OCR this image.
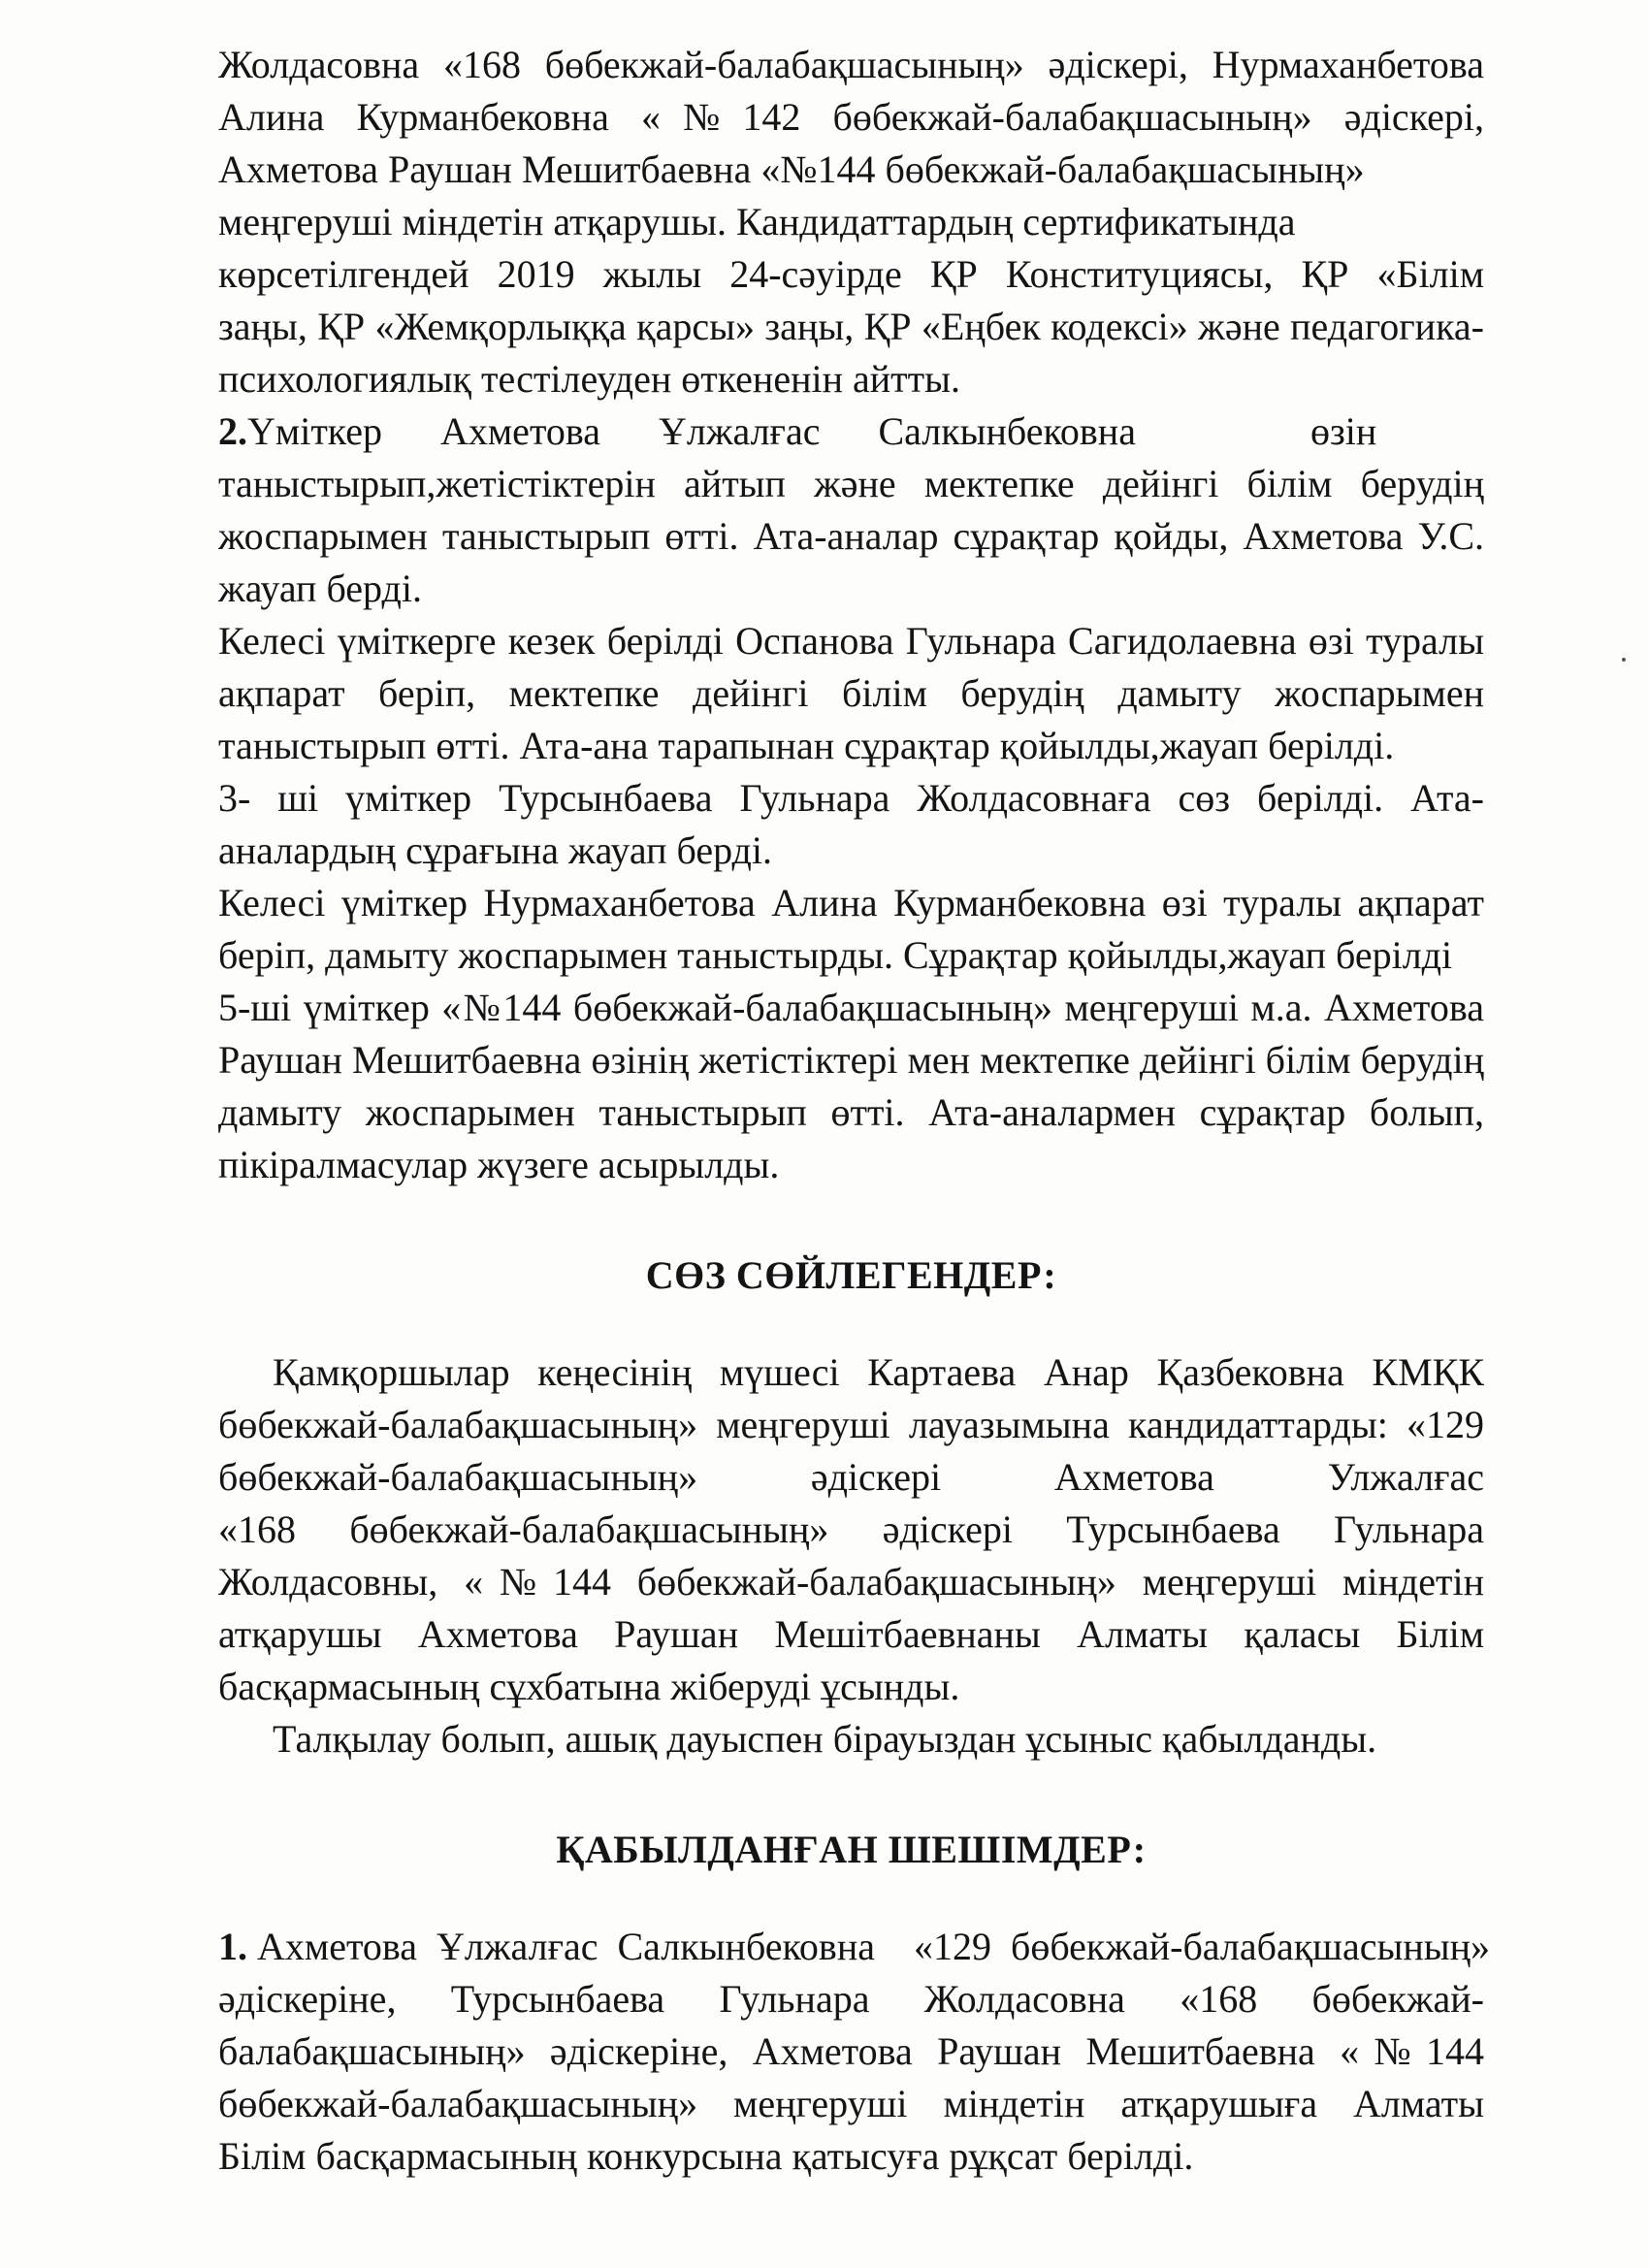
Жолдасовна «168 бөбекжай-балабақшасының» әдіскері, Нурмаханбетова
Алина Курманбековна «№142 бөбекжай-балабақшасының» әдіскері,
Ахметова Раушан Мешитбаевна «№144 бөбекжай-балабақшасының»
меңгеруші міндетін атқарушы. Кандидаттардың сертификатында
көрсетілгендей 2019 жылы 24-сәуірде ҚР Конституциясы, ҚР «Білім
заңы, ҚР «Жемқорлыққа қарсы» заңы, ҚР «Еңбек кодексі» және педагогика-
психологиялық тестілеуден өткененін айтты.
2.Үміткер      Ахметова      Ұлжалғас      Салкынбековна                  өзін
таныстырып,жетістіктерін айтып және мектепке дейінгі білім берудің
жоспарымен таныстырып өтті. Ата-аналар сұрақтар қойды, Ахметова У.С.
жауап берді.
Келесі үміткерге кезек берілді Оспанова Гульнара Сагидолаевна өзі туралы
ақпарат беріп, мектепке дейінгі білім берудің дамыту жоспарымен
таныстырып өтті. Ата-ана тарапынан сұрақтар қойылды,жауап берілді.
3- ші үміткер Турсынбаева Гульнара Жолдасовнаға сөз берілді. Ата-
аналардың сұрағына жауап берді.
Келесі үміткер Нурмаханбетова Алина Курманбековна өзі туралы ақпарат
беріп, дамыту жоспарымен таныстырды. Сұрақтар қойылды,жауап берілді
5-ші үміткер «№144 бөбекжай-балабақшасының» меңгеруші м.а. Ахметова
Раушан Мешитбаевна өзінің жетістіктері мен мектепке дейінгі білім берудің
дамыту жоспарымен таныстырып өтті. Ата-аналармен сұрақтар болып,
пікіралмасулар жүзеге асырылды.
СӨЗ СӨЙЛЕГЕНДЕР:
Қамқоршылар кеңесінің мүшесі Картаева Анар Қазбековна КМҚК
бөбекжай-балабақшасының» меңгеруші лауазымына кандидаттарды: «129
бөбекжай-балабақшасының» әдіскері Ахметова Улжалғас
«168 бөбекжай-балабақшасының» әдіскері Турсынбаева Гульнара
Жолдасовны, «№144 бөбекжай-балабақшасының» меңгеруші міндетін
атқарушы Ахметова Раушан Мешітбаевнаны Алматы қаласы Білім
басқармасының сұхбатына жіберуді ұсынды.
Талқылау болып, ашық дауыспен бірауыздан ұсыныс қабылданды.
ҚАБЫЛДАНҒАН ШЕШІМДЕР:
1. Ахметова  Ұлжалғас  Салкынбековна    «129  бөбекжай-балабақшасының»
әдіскеріне, Турсынбаева Гульнара Жолдасовна «168 бөбекжай-
балабақшасының» әдіскеріне, Ахметова Раушан Мешитбаевна «№144
бөбекжай-балабақшасының» меңгеруші міндетін атқарушыға Алматы
Білім басқармасының конкурсына қатысуға рұқсат берілді.
